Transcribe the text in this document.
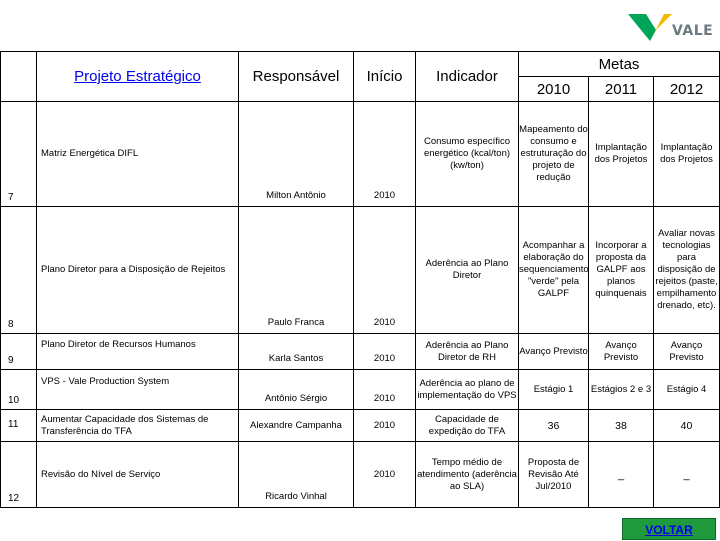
VALE
	Projeto Estratégico	Responsável	Início	Indicador	Metas		
					2010	2011	2012
7	Matriz Energética DIFL	Milton Antônio	2010	Consumo específico energético (kcal/ton) (kw/ton)	Mapeamento do consumo e estruturação do projeto de redução	Implantação dos Projetos	Implantação dos Projetos
8	Plano Diretor para a Disposição de Rejeitos	Paulo Franca	2010	Aderência ao Plano Diretor	Acompanhar a elaboração do sequenciamento "verde" pela GALPF	Incorporar a proposta da GALPF aos planos quinquenais	Avaliar novas tecnologias para disposição de rejeitos (paste, empilhamento drenado, etc).
9	Plano Diretor de Recursos Humanos	Karla Santos	2010	Aderência ao Plano Diretor de RH	Avanço Previsto	Avanço Previsto	Avanço Previsto
10	VPS - Vale Production System	Antônio Sérgio	2010	Aderência ao plano de implementação do VPS	Estágio 1	Estágios 2 e 3	Estágio 4
11	Aumentar Capacidade dos Sistemas de Transferência do TFA	Alexandre Campanha	2010	Capacidade de expedição do TFA	36	38	40
12	Revisão do Nível de Serviço	Ricardo Vinhal	2010	Tempo médio de atendimento (aderência ao SLA)	Proposta de Revisão Até Jul/2010	_	_
VOLTAR
